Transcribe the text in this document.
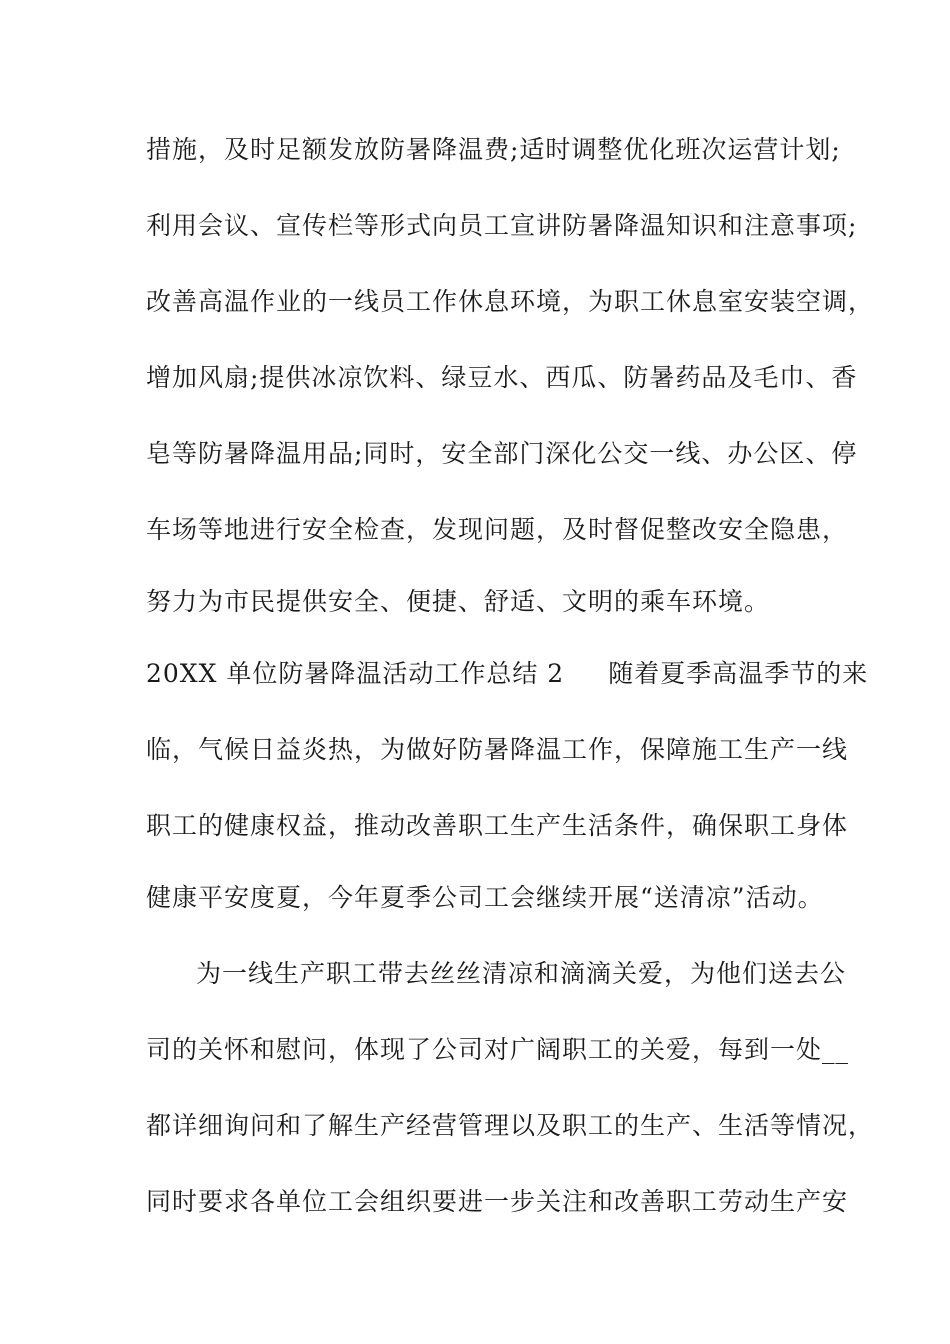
措施，及时足额发放防暑降温费;适时调整优化班次运营计划;
利用会议、宣传栏等形式向员工宣讲防暑降温知识和注意事项;
改善高温作业的一线员工作休息环境，为职工休息室安装空调，
增加风扇;提供冰凉饮料、绿豆水、西瓜、防暑药品及毛巾、香
皂等防暑降温用品;同时，安全部门深化公交一线、办公区、停
车场等地进行安全检查，发现问题，及时督促整改安全隐患，
努力为市民提供安全、便捷、舒适、文明的乘车环境。
20XX 单位防暑降温活动工作总结 2 随着夏季高温季节的来
临，气候日益炎热，为做好防暑降温工作，保障施工生产一线
职工的健康权益，推动改善职工生产生活条件，确保职工身体
健康平安度夏，今年夏季公司工会继续开展“送清凉”活动。
为一线生产职工带去丝丝清凉和滴滴关爱，为他们送去公
司的关怀和慰问，体现了公司对广阔职工的关爱，每到一处__
都详细询问和了解生产经营管理以及职工的生产、生活等情况，
同时要求各单位工会组织要进一步关注和改善职工劳动生产安
